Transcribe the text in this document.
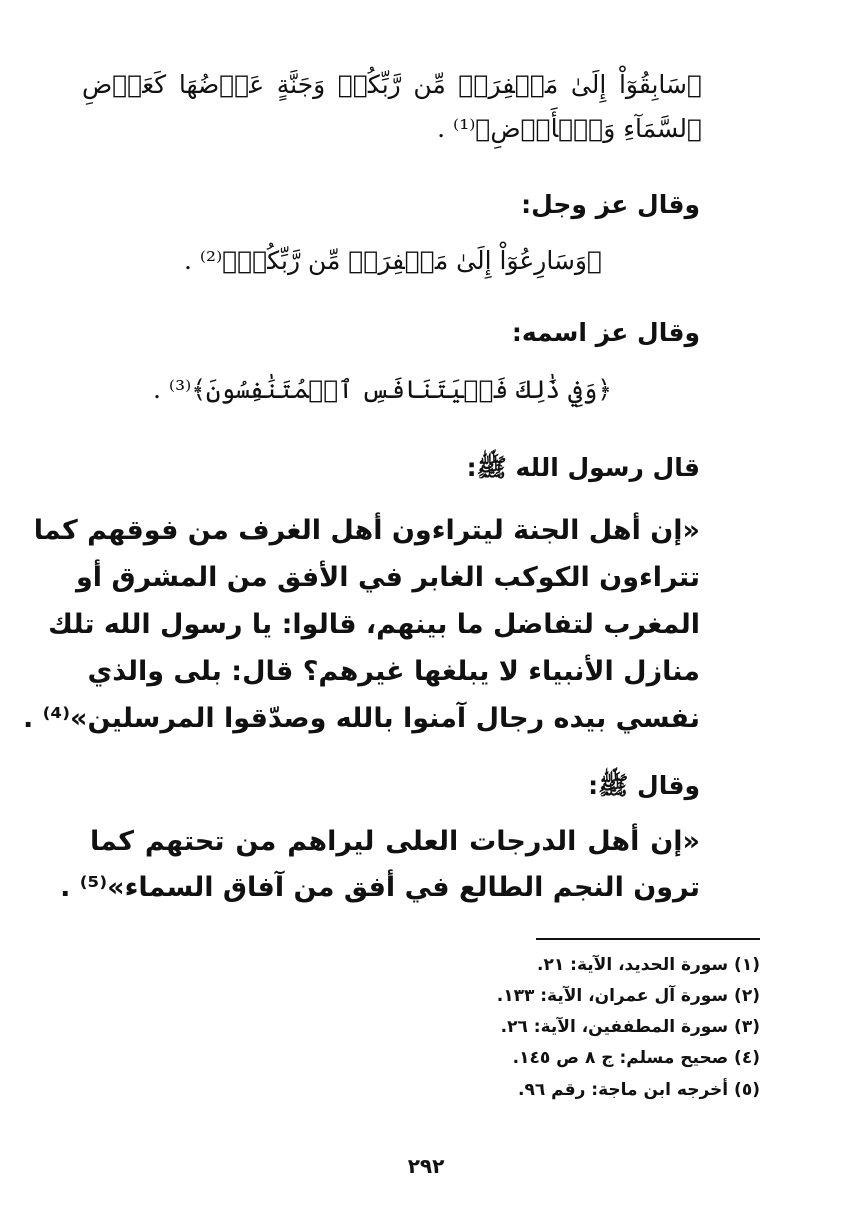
﴿سَابِقُوٓاْ إِلَىٰ مَغۡفِرَةٖ مِّن رَّبِّكُمۡ وَجَنَّةٍ عَرۡضُهَا كَعَرۡضِ
ٱلسَّمَآءِ وَٱلۡأَرۡضِ﴾⁽¹⁾ .
وقال عز وجل:
﴿وَسَارِعُوٓاْ إِلَىٰ مَغۡفِرَةٖ مِّن رَّبِّكُمۡ﴾⁽²⁾ .
وقال عز اسمه:
﴿وَفِي ذَٰلِكَ فَلۡيَتَنَافَسِ ٱلۡمُتَنَٰفِسُونَ﴾⁽³⁾ .
قال رسول الله ﷺ:
«إن أهل الجنة ليتراءون أهل الغرف من فوقهم كما
تتراءون الكوكب الغابر في الأفق من المشرق أو
المغرب لتفاضل ما بينهم، قالوا: يا رسول الله تلك
منازل الأنبياء لا يبلغها غيرهم؟ قال: بلى والذي
نفسي بيده رجال آمنوا بالله وصدّقوا المرسلين»⁽⁴⁾ .
وقال ﷺ:
«إن أهل الدرجات العلى ليراهم من تحتهم كما
ترون النجم الطالع في أفق من آفاق السماء»⁽⁵⁾ .
(١) سورة الحديد، الآية: ٢١.
(٢) سورة آل عمران، الآية: ١٣٣.
(٣) سورة المطففين، الآية: ٢٦.
(٤) صحيح مسلم: ج ٨ ص ١٤٥.
(٥) أخرجه ابن ماجة: رقم ٩٦.
٢٩٢
